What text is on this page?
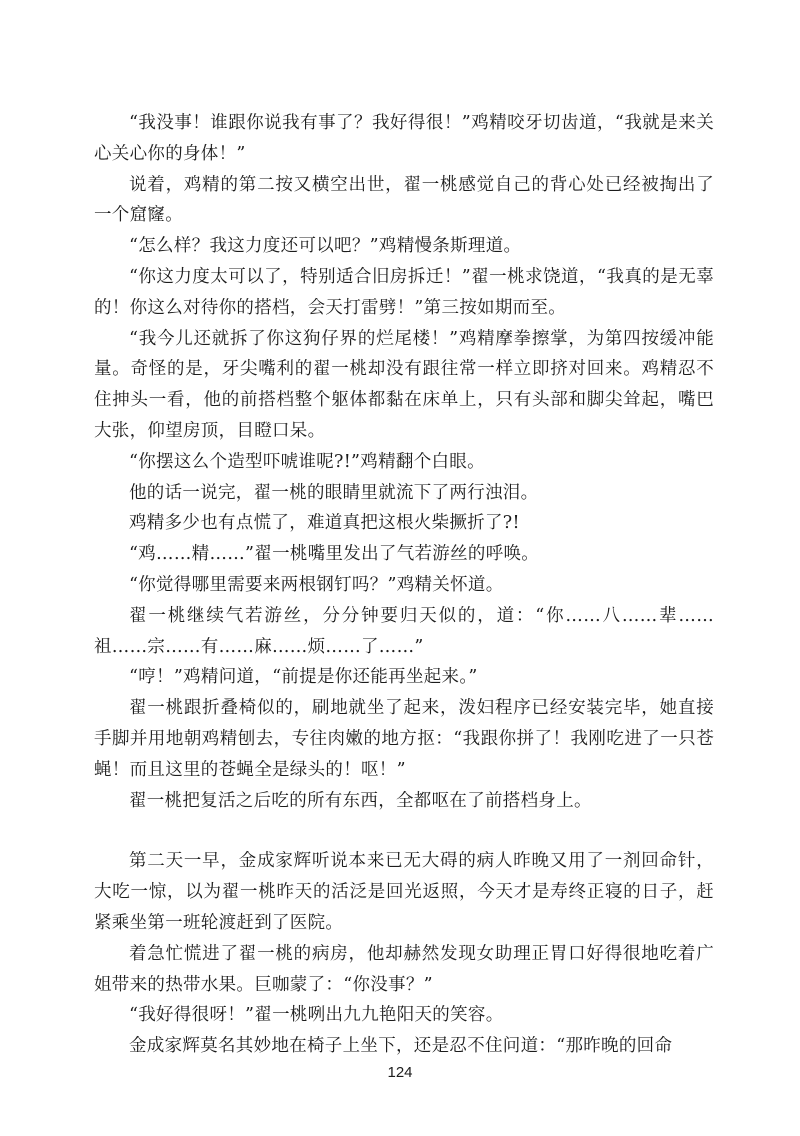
“我没事！谁跟你说我有事了？我好得很！”鸡精咬牙切齿道，“我就是来关心关心你的身体！”

说着，鸡精的第二按又横空出世，翟一桃感觉自己的背心处已经被掏出了一个窟窿。

“怎么样？我这力度还可以吧？”鸡精慢条斯理道。

“你这力度太可以了，特别适合旧房拆迁！”翟一桃求饶道，“我真的是无辜的！你这么对待你的搭档，会天打雷劈！”第三按如期而至。

“我今儿还就拆了你这狗仔界的烂尾楼！”鸡精摩拳擦掌，为第四按缓冲能量。奇怪的是，牙尖嘴利的翟一桃却没有跟往常一样立即挤对回来。鸡精忍不住抻头一看，他的前搭档整个躯体都黏在床单上，只有头部和脚尖耸起，嘴巴大张，仰望房顶，目瞪口呆。

“你摆这么个造型吓唬谁呢?!”鸡精翻个白眼。

他的话一说完，翟一桃的眼睛里就流下了两行浊泪。

鸡精多少也有点慌了，难道真把这根火柴撅折了?!

“鸡……精……”翟一桃嘴里发出了气若游丝的呼唤。

“你觉得哪里需要来两根钢钉吗？”鸡精关怀道。

翟一桃继续气若游丝，分分钟要归天似的，道：“你……八……辈……祖……宗……有……麻……烦……了……”

“哼！”鸡精问道，“前提是你还能再坐起来。”

翟一桃跟折叠椅似的，刷地就坐了起来，泼妇程序已经安装完毕，她直接手脚并用地朝鸡精刨去，专往肉嫩的地方抠：“我跟你拼了！我刚吃进了一只苍蝇！而且这里的苍蝇全是绿头的！呕！”

翟一桃把复活之后吃的所有东西，全都呕在了前搭档身上。

第二天一早，金成家辉听说本来已无大碍的病人昨晚又用了一剂回命针，大吃一惊，以为翟一桃昨天的活泛是回光返照，今天才是寿终正寝的日子，赶紧乘坐第一班轮渡赶到了医院。

着急忙慌进了翟一桃的病房，他却赫然发现女助理正胃口好得很地吃着广姐带来的热带水果。巨咖蒙了：“你没事？”

“我好得很呀！”翟一桃咧出九九艳阳天的笑容。

金成家辉莫名其妙地在椅子上坐下，还是忍不住问道：“那昨晚的回命

124
